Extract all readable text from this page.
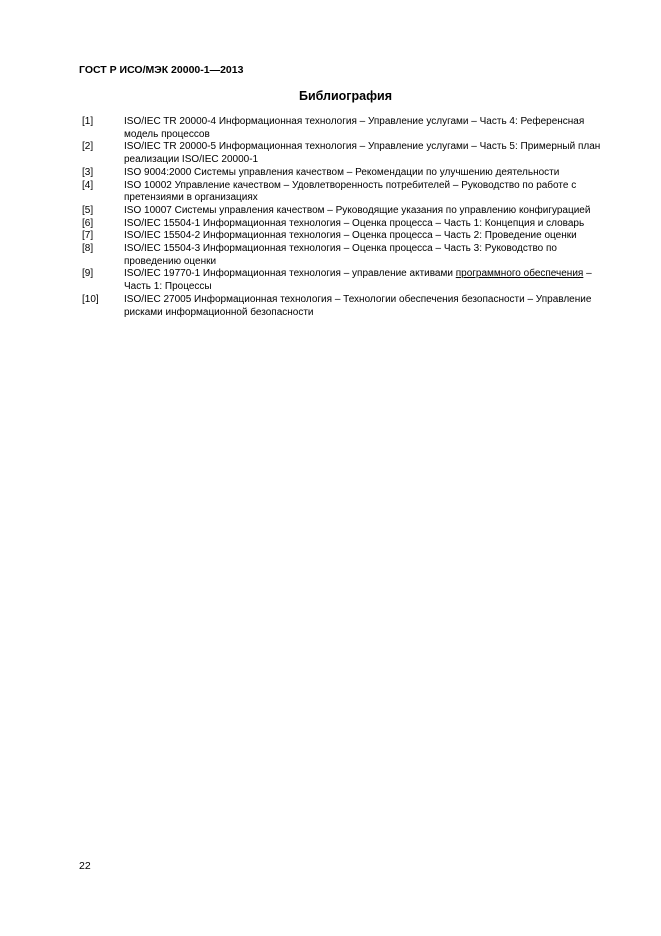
ГОСТ Р ИСО/МЭК 20000-1—2013
Библиография
[1]	ISO/IEC TR 20000-4 Информационная технология – Управление услугами – Часть 4: Референсная модель процессов
[2]	ISO/IEC TR 20000-5 Информационная технология – Управление услугами – Часть 5: Примерный план реализации ISO/IEC 20000-1
[3]	ISO 9004:2000 Системы управления качеством – Рекомендации по улучшению деятельности
[4]	ISO 10002 Управление качеством – Удовлетворенность потребителей – Руководство по работе с претензиями в организациях
[5]	ISO 10007 Системы управления качеством – Руководящие указания по управлению конфигурацией
[6]	ISO/IEC 15504-1 Информационная технология – Оценка процесса – Часть 1: Концепция и словарь
[7]	ISO/IEC 15504-2 Информационная технология – Оценка процесса – Часть 2: Проведение оценки
[8]	ISO/IEC 15504-3 Информационная технология – Оценка процесса – Часть 3: Руководство по проведению оценки
[9]	ISO/IEC 19770-1 Информационная технология – управление активами программного обеспечения – Часть 1: Процессы
[10]	ISO/IEC 27005 Информационная технология – Технологии обеспечения безопасности – Управление рисками информационной безопасности
22
